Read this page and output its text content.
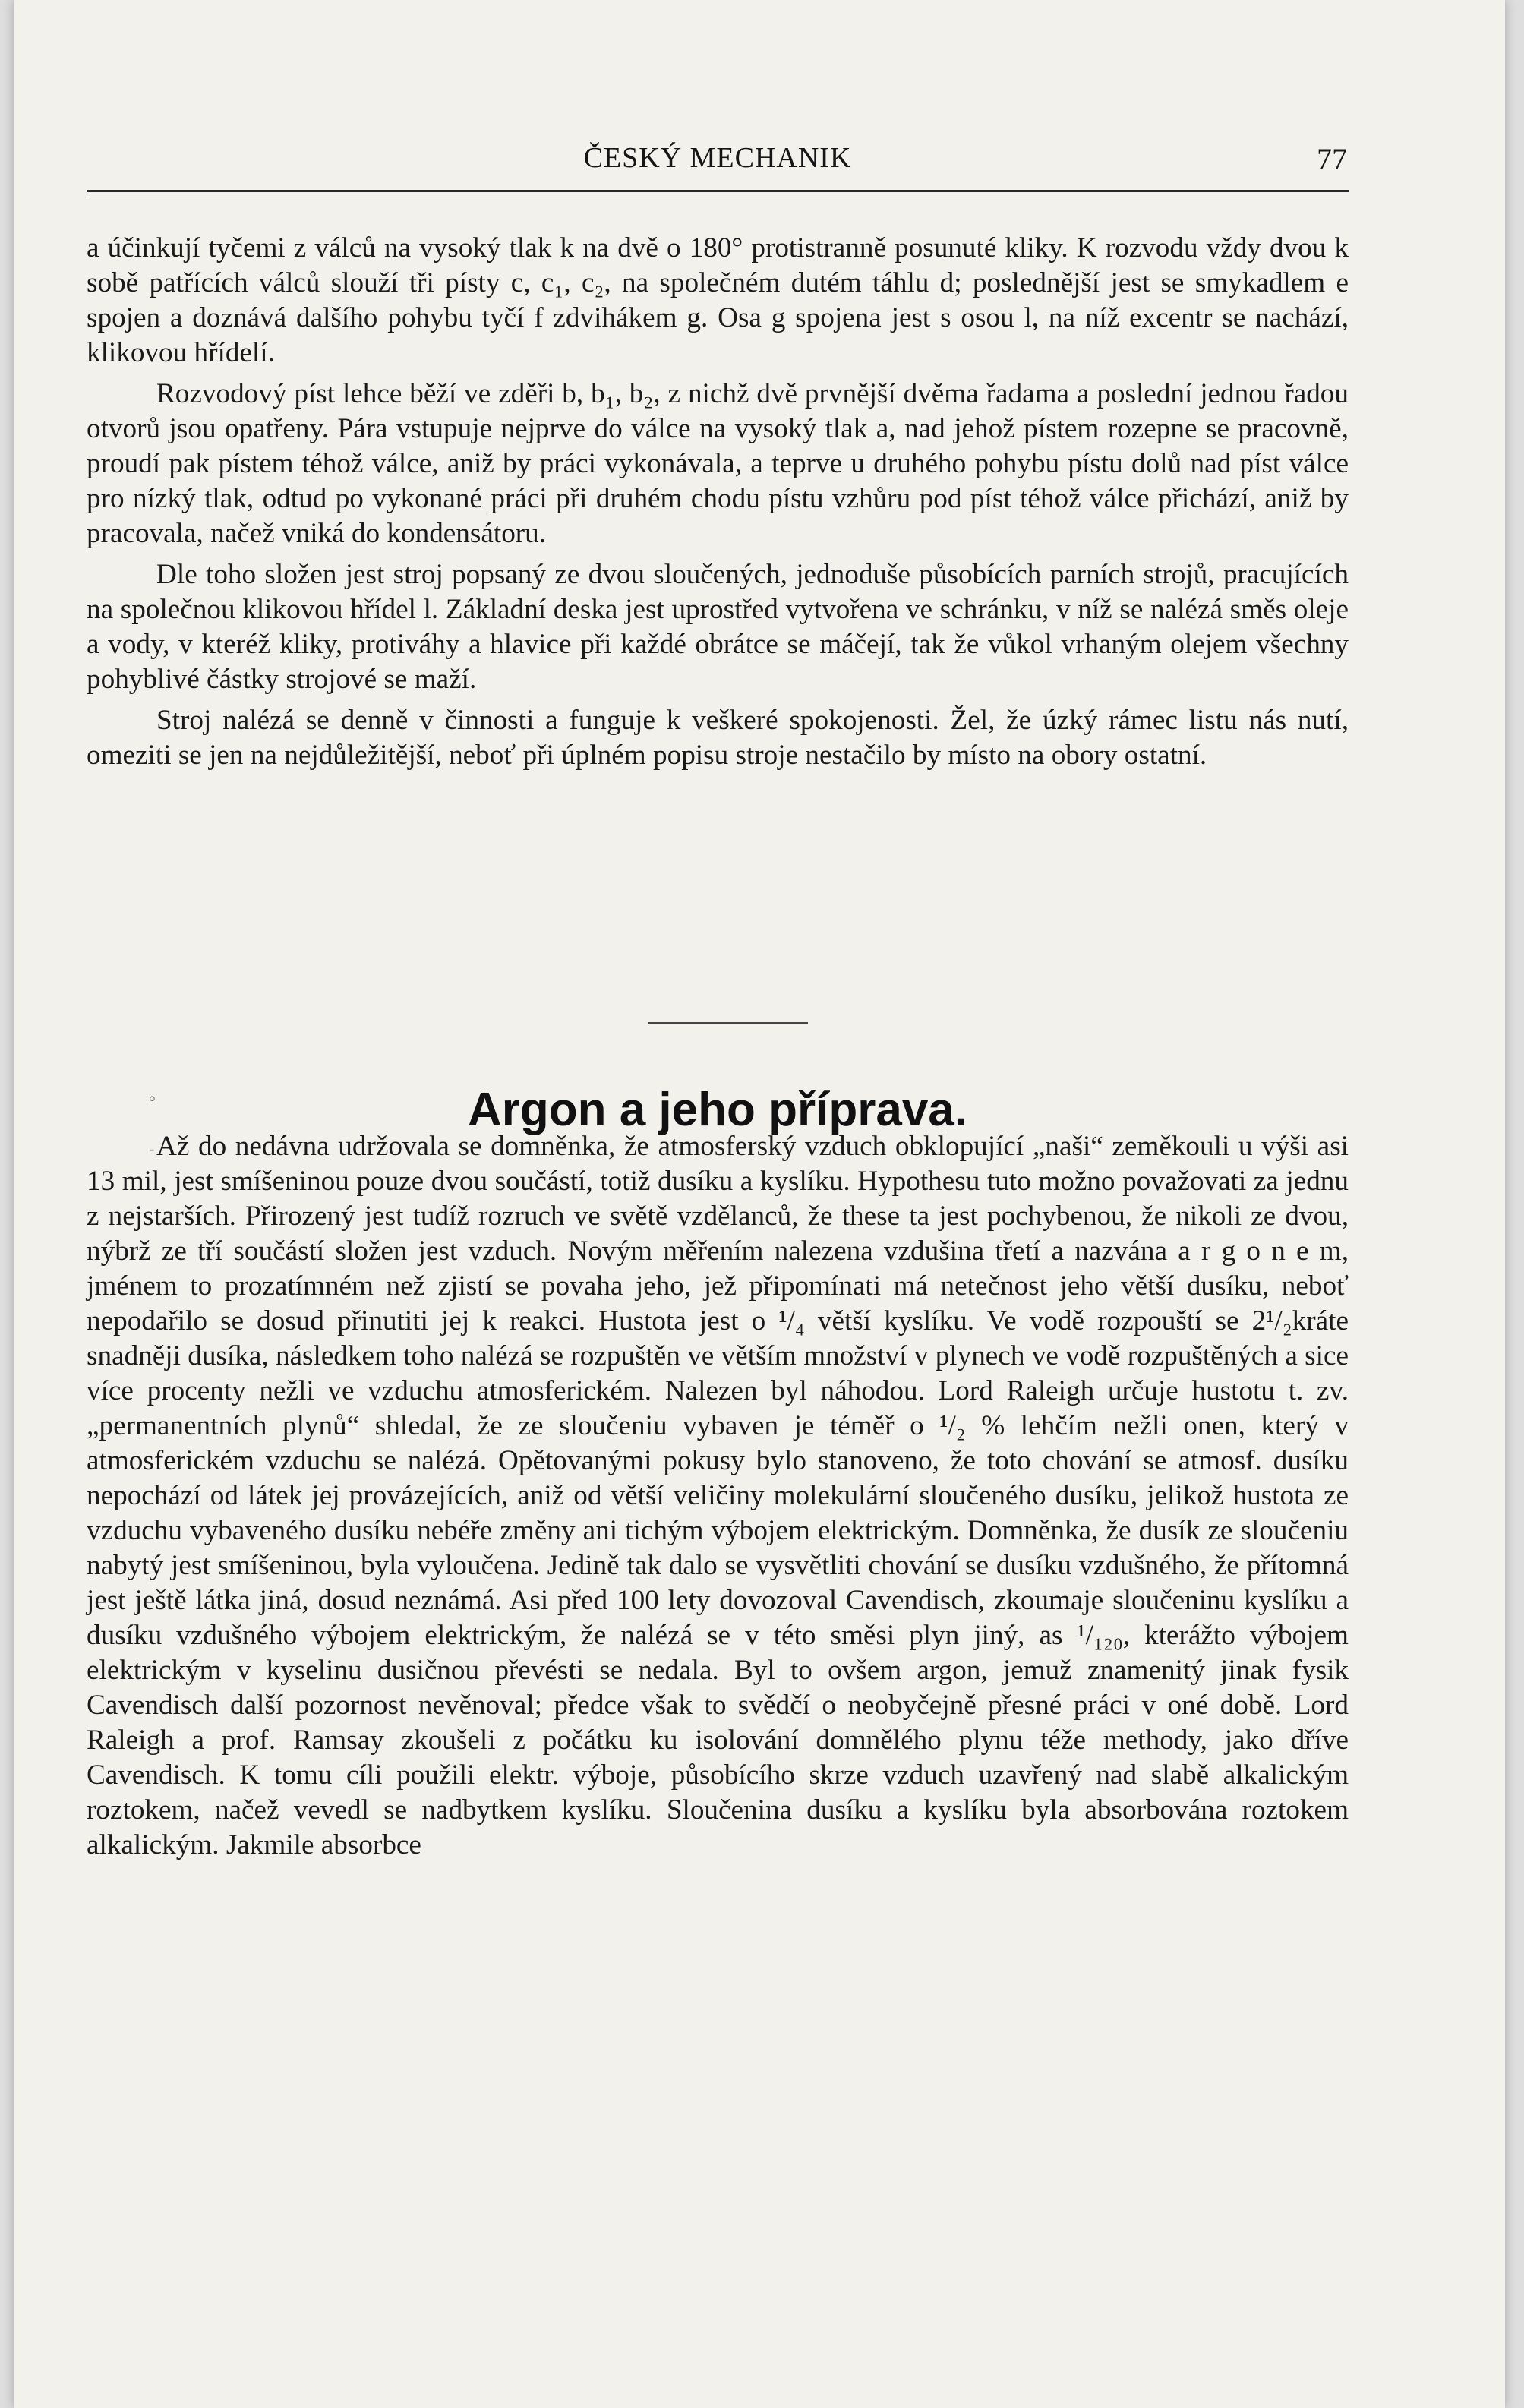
ČESKÝ MECHANIK	77

a účinkují tyčemi z válců na vysoký tlak k na dvě o 180° protistranně posunuté kliky. K rozvodu vždy dvou k sobě patřících válců slouží tři písty c, c₁, c₂, na společném dutém táhlu d; poslednější jest se smykadlem e spojen a doznává dalšího pohybu tyčí f zdvihákem g. Osa g spojena jest s osou l, na níž excentr se nachází, klikovou hřídelí.

Rozvodový píst lehce běží ve zděři b, b₁, b₂, z nichž dvě prvnější dvěma řadama a poslední jednou řadou otvorů jsou opatřeny. Pára vstupuje nejprve do válce na vysoký tlak a, nad jehož pístem rozepne se pracovně, proudí pak pístem téhož válce, aniž by práci vykonávala, a teprve u druhého pohybu pístu dolů nad píst válce pro nízký tlak, odtud po vykonané práci při druhém chodu pístu vzhůru pod píst téhož válce přichází, aniž by pracovala, načež vniká do kondensátoru.

Dle toho složen jest stroj popsaný ze dvou sloučených, jednoduše působících parních strojů, pracujících na společnou klikovou hřídel l. Základní deska jest uprostřed vytvořena ve schránku, v níž se nalézá směs oleje a vody, v kteréž kliky, protiváhy a hlavice při každé obrátce se máčejí, tak že vůkol vrhaným olejem všechny pohyblivé částky strojové se maží.

Stroj nalézá se denně v činnosti a funguje k veškeré spokojenosti. Žel, že úzký rámec listu nás nutí, omeziti se jen na nejdůležitější, neboť při úplném popisu stroje nestačilo by místo na obory ostatní.

Argon a jeho příprava.

Až do nedávna udržovala se domněnka, že atmosferský vzduch obklopující „naši“ zeměkouli u výši asi 13 mil, jest smíšeninou pouze dvou součástí, totiž dusíku a kyslíku. Hypothesu tuto možno považovati za jednu z nejstarších. Přirozený jest tudíž rozruch ve světě vzdělanců, že these ta jest pochybenou, že nikoli ze dvou, nýbrž ze tří součástí složen jest vzduch. Novým měřením nalezena vzdušina třetí a nazvána a r g o n e m, jménem to prozatímném než zjistí se povaha jeho, jež připomínati má netečnost jeho větší dusíku, neboť nepodařilo se dosud přinutiti jej k reakci. Hustota jest o ¹/₄ větší kyslíku. Ve vodě rozpouští se 2¹/₂kráte snadněji dusíka, následkem toho nalézá se rozpuštěn ve větším množství v plynech ve vodě rozpuštěných a sice více procenty nežli ve vzduchu atmosferickém. Nalezen byl náhodou. Lord Raleigh určuje hustotu t. zv. „permanentních plynů“ shledal, že ze sloučeniu vybaven je téměř o ¹/₂ % lehčím nežli onen, který v atmosferickém vzduchu se nalézá. Opětovanými pokusy bylo stanoveno, že toto chování se atmosf. dusíku nepochází od látek jej provázejících, aniž od větší veličiny molekulární sloučeného dusíku, jelikož hustota ze vzduchu vybaveného dusíku nebéře změny ani tichým výbojem elektrickým. Domněnka, že dusík ze sloučeniu nabytý jest smíšeninou, byla vyloučena. Jedině tak dalo se vysvětliti chování se dusíku vzdušného, že přítomná jest ještě látka jiná, dosud neznámá. Asi před 100 lety dovozoval Cavendisch, zkoumaje sloučeninu kyslíku a dusíku vzdušného výbojem elektrickým, že nalézá se v této směsi plyn jiný, as ¹/₁₂₀, kterážto výbojem elektrickým v kyselinu dusičnou převésti se nedala. Byl to ovšem argon, jemuž znamenitý jinak fysik Cavendisch další pozornost nevěnoval; předce však to svědčí o neobyčejně přesné práci v oné době. Lord Raleigh a prof. Ramsay zkoušeli z počátku ku isolování domnělého plynu téže methody, jako dříve Cavendisch. K tomu cíli použili elektr. výboje, působícího skrze vzduch uzavřený nad slabě alkalickým roztokem, načež vevedl se nadbytkem kyslíku. Sloučenina dusíku a kyslíku byla absorbována roztokem alkalickým. Jakmile absorbce

°
-
